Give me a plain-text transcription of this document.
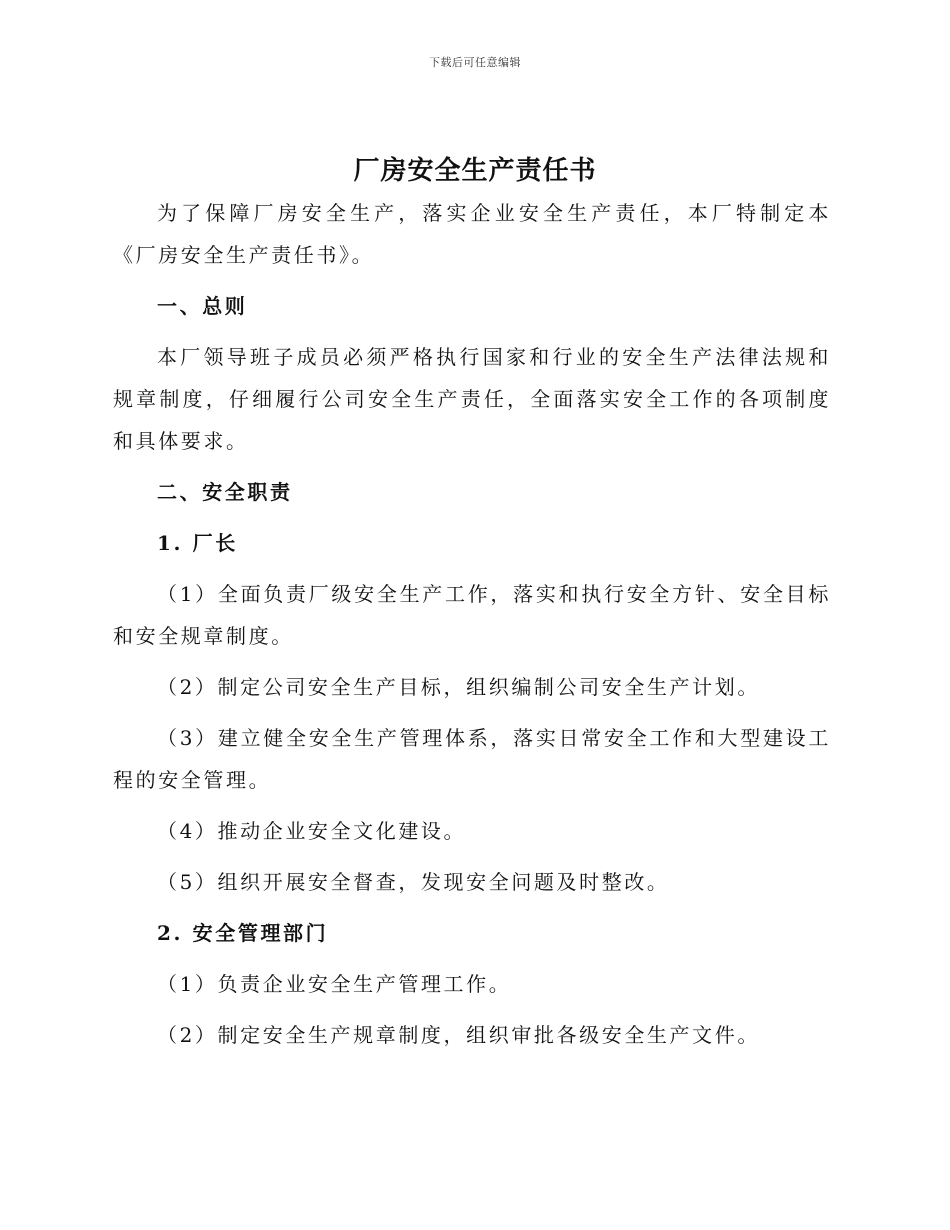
下载后可任意编辑
厂房安全生产责任书

为了保障厂房安全生产，落实企业安全生产责任，本厂特制定本《厂房安全生产责任书》。

一、总则

本厂领导班子成员必须严格执行国家和行业的安全生产法律法规和规章制度，仔细履行公司安全生产责任，全面落实安全工作的各项制度和具体要求。

二、安全职责

1. 厂长

（1）全面负责厂级安全生产工作，落实和执行安全方针、安全目标和安全规章制度。

（2）制定公司安全生产目标，组织编制公司安全生产计划。

（3）建立健全安全生产管理体系，落实日常安全工作和大型建设工程的安全管理。

（4）推动企业安全文化建设。

（5）组织开展安全督查，发现安全问题及时整改。

2. 安全管理部门

（1）负责企业安全生产管理工作。

（2）制定安全生产规章制度，组织审批各级安全生产文件。
